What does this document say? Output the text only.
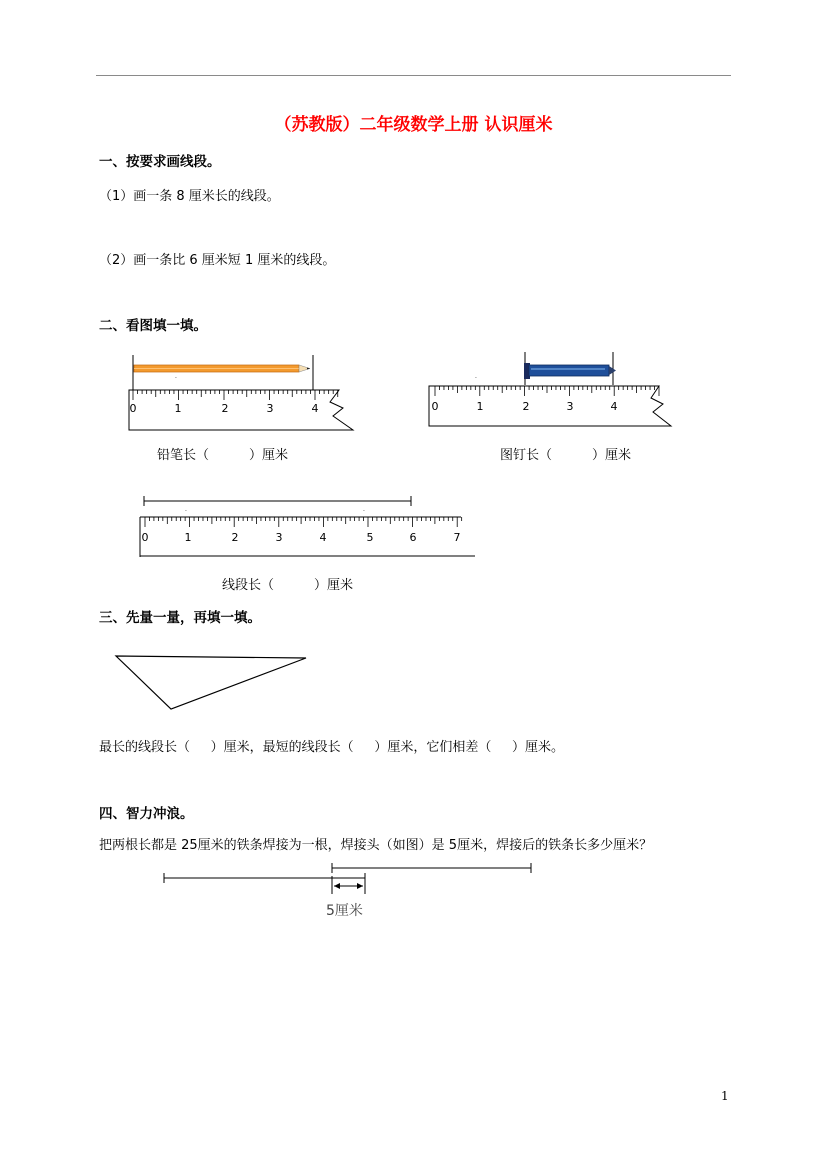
（苏教版）二年级数学上册 认识厘米
一、按要求画线段。
（1）画一条 8 厘米长的线段。
（2）画一条比 6 厘米短 1 厘米的线段。
二、看图填一填。
·
0	1	2	3	4
铅笔长（	）厘米
·
0	1	2	3	4
图钉长（	）厘米
·	·
0	1	2	3	4	5	6	7
线段长（	）厘米
三、先量一量，再填一填。
最长的线段长（     ）厘米，最短的线段长（     ）厘米，它们相差（     ）厘米。
四、智力冲浪。
把两根长都是 25厘米的铁条焊接为一根，焊接头（如图）是 5厘米，焊接后的铁条长多少厘米？
5厘米
1
